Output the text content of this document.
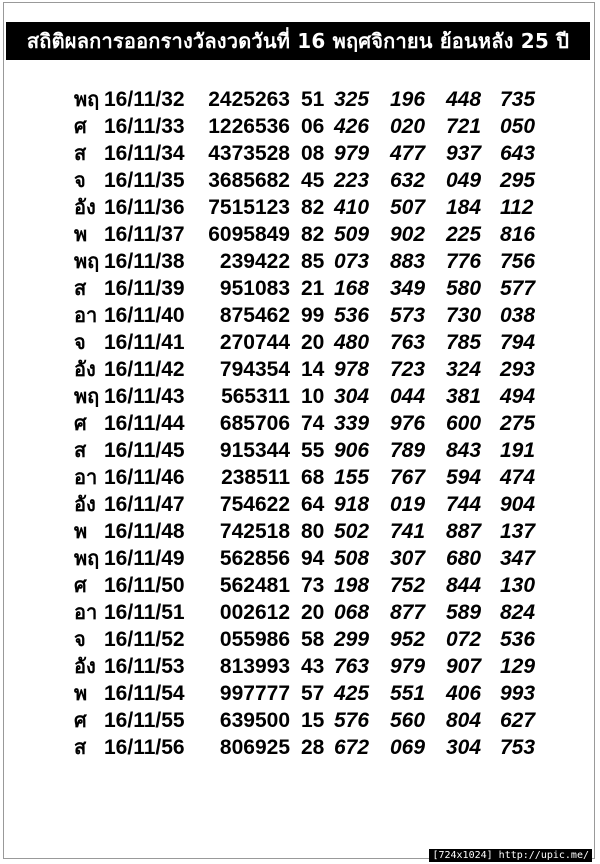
สถิติผลการออกรางวัลงวดวันที่ 16 พฤศจิกายน ย้อนหลัง 25 ปี
พฤ 16/11/32 2425263 51 325 196 448 735
ศ 16/11/33 1226536 06 426 020 721 050
ส 16/11/34 4373528 08 979 477 937 643
จ 16/11/35 3685682 45 223 632 049 295
อัง 16/11/36 7515123 82 410 507 184 112
พ 16/11/37 6095849 82 509 902 225 816
พฤ 16/11/38	239422 85 073 883 776 756
ส 16/11/39	951083 21 168 349 580 577
อา 16/11/40	875462 99 536 573 730 038
จ 16/11/41	270744 20 480 763 785 794
อัง 16/11/42	794354 14 978 723 324 293
พฤ 16/11/43	565311 10 304 044 381 494
ศ 16/11/44	685706 74 339 976 600 275
ส 16/11/45	915344 55 906 789 843 191
อา 16/11/46	238511 68 155 767 594 474
อัง 16/11/47	754622 64 918 019 744 904
พ 16/11/48	742518 80 502 741 887 137
พฤ 16/11/49	562856 94 508 307 680 347
ศ 16/11/50	562481 73 198 752 844 130
อา 16/11/51	002612 20 068 877 589 824
จ 16/11/52	055986 58 299 952 072 536
อัง 16/11/53	813993 43 763 979 907 129
พ 16/11/54	997777 57 425 551 406 993
ศ 16/11/55	639500 15 576 560 804 627
ส 16/11/56	806925 28 672 069 304 753
[724x1024] http://upic.me/
